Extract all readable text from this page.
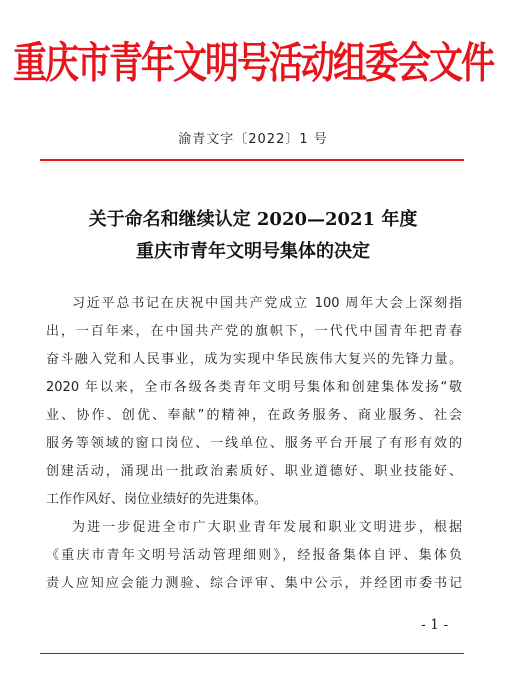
重庆市青年文明号活动组委会文件
渝青文字〔2022〕1 号
关于命名和继续认定 2020—2021 年度
重庆市青年文明号集体的决定
习近平总书记在庆祝中国共产党成立 100 周年大会上深刻指
出，一百年来，在中国共产党的旗帜下，一代代中国青年把青春
奋斗融入党和人民事业，成为实现中华民族伟大复兴的先锋力量。
2020 年以来，全市各级各类青年文明号集体和创建集体发扬“敬
业、协作、创优、奉献”的精神，在政务服务、商业服务、社会
服务等领域的窗口岗位、一线单位、服务平台开展了有形有效的
创建活动，涌现出一批政治素质好、职业道德好、职业技能好、
工作作风好、岗位业绩好的先进集体。
为进一步促进全市广大职业青年发展和职业文明进步，根据
《重庆市青年文明号活动管理细则》，经报备集体自评、集体负
责人应知应会能力测验、综合评审、集中公示，并经团市委书记
- 1 -
